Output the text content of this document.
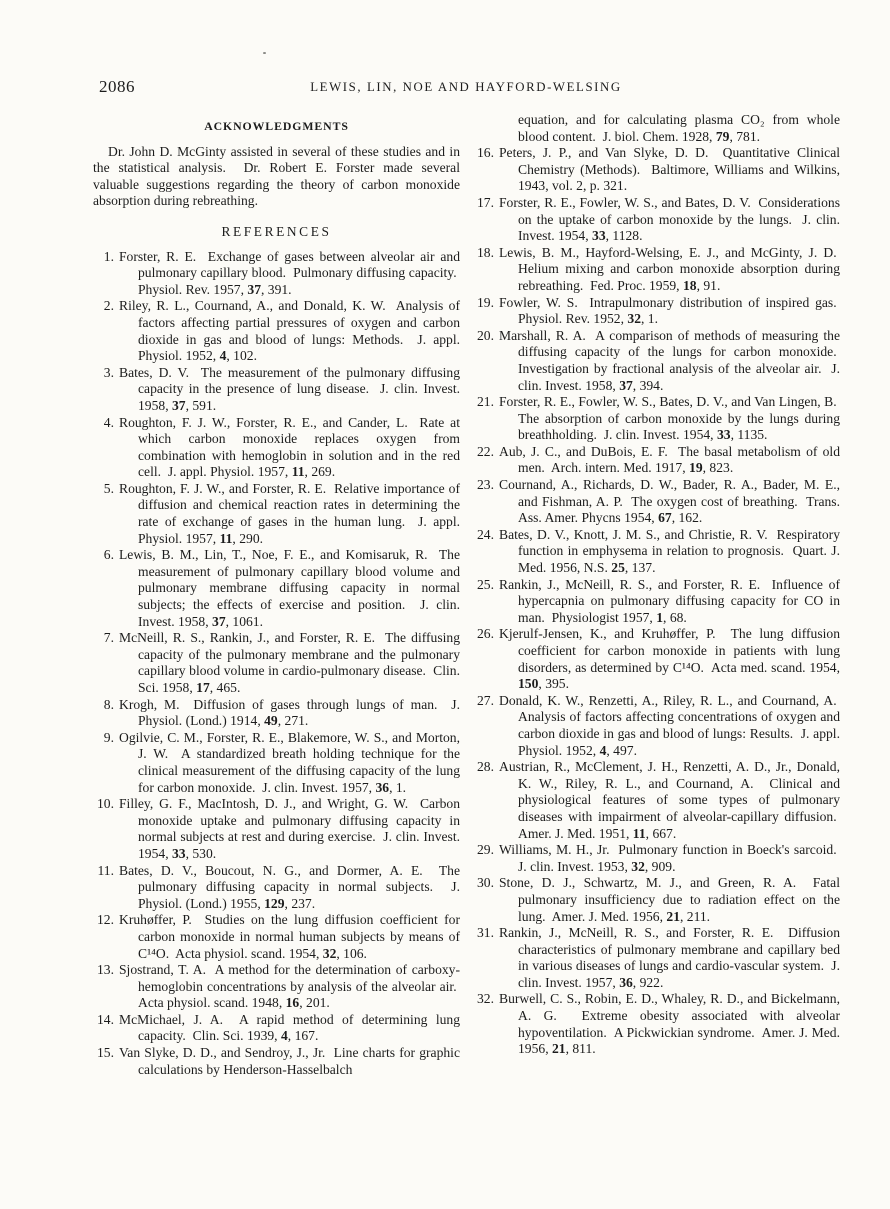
2086	LEWIS, LIN, NOE AND HAYFORD-WELSING
ACKNOWLEDGMENTS

Dr. John D. McGinty assisted in several of these studies and in the statistical analysis.  Dr. Robert E. Forster made several valuable suggestions regarding the theory of carbon monoxide absorption during rebreathing.

REFERENCES

1. Forster, R. E.  Exchange of gases between alveolar air and pulmonary capillary blood.  Pulmonary diffusing capacity.  Physiol. Rev. 1957, 37, 391.

2. Riley, R. L., Cournand, A., and Donald, K. W.  Analysis of factors affecting partial pressures of oxygen and carbon dioxide in gas and blood of lungs: Methods.  J. appl. Physiol. 1952, 4, 102.

3. Bates, D. V.  The measurement of the pulmonary diffusing capacity in the presence of lung disease.  J. clin. Invest. 1958, 37, 591.

4. Roughton, F. J. W., Forster, R. E., and Cander, L.  Rate at which carbon monoxide replaces oxygen from combination with hemoglobin in solution and in the red cell.  J. appl. Physiol. 1957, 11, 269.

5. Roughton, F. J. W., and Forster, R. E.  Relative importance of diffusion and chemical reaction rates in determining the rate of exchange of gases in the human lung.  J. appl. Physiol. 1957, 11, 290.

6. Lewis, B. M., Lin, T., Noe, F. E., and Komisaruk, R.  The measurement of pulmonary capillary blood volume and pulmonary membrane diffusing capacity in normal subjects; the effects of exercise and position.  J. clin. Invest. 1958, 37, 1061.

7. McNeill, R. S., Rankin, J., and Forster, R. E.  The diffusing capacity of the pulmonary membrane and the pulmonary capillary blood volume in cardio-pulmonary disease.  Clin. Sci. 1958, 17, 465.

8. Krogh, M.  Diffusion of gases through lungs of man.  J. Physiol. (Lond.) 1914, 49, 271.

9. Ogilvie, C. M., Forster, R. E., Blakemore, W. S., and Morton, J. W.  A standardized breath holding technique for the clinical measurement of the diffusing capacity of the lung for carbon monoxide.  J. clin. Invest. 1957, 36, 1.

10. Filley, G. F., MacIntosh, D. J., and Wright, G. W.  Carbon monoxide uptake and pulmonary diffusing capacity in normal subjects at rest and during exercise.  J. clin. Invest. 1954, 33, 530.

11. Bates, D. V., Boucout, N. G., and Dormer, A. E.  The pulmonary diffusing capacity in normal subjects.  J. Physiol. (Lond.) 1955, 129, 237.

12. Kruhøffer, P.  Studies on the lung diffusion coefficient for carbon monoxide in normal human subjects by means of C¹⁴O.  Acta physiol. scand. 1954, 32, 106.

13. Sjostrand, T. A.  A method for the determination of carboxy-hemoglobin concentrations by analysis of the alveolar air.  Acta physiol. scand. 1948, 16, 201.

14. McMichael, J. A.  A rapid method of determining lung capacity.  Clin. Sci. 1939, 4, 167.

15. Van Slyke, D. D., and Sendroy, J., Jr.  Line charts for graphic calculations by Henderson-Hasselbalch

equation, and for calculating plasma CO₂ from whole blood content.  J. biol. Chem. 1928, 79, 781.

16. Peters, J. P., and Van Slyke, D. D.  Quantitative Clinical Chemistry (Methods).  Baltimore, Williams and Wilkins, 1943, vol. 2, p. 321.

17. Forster, R. E., Fowler, W. S., and Bates, D. V.  Considerations on the uptake of carbon monoxide by the lungs.  J. clin. Invest. 1954, 33, 1128.

18. Lewis, B. M., Hayford-Welsing, E. J., and McGinty, J. D.  Helium mixing and carbon monoxide absorption during rebreathing.  Fed. Proc. 1959, 18, 91.

19. Fowler, W. S.  Intrapulmonary distribution of inspired gas.  Physiol. Rev. 1952, 32, 1.

20. Marshall, R. A.  A comparison of methods of measuring the diffusing capacity of the lungs for carbon monoxide.  Investigation by fractional analysis of the alveolar air.  J. clin. Invest. 1958, 37, 394.

21. Forster, R. E., Fowler, W. S., Bates, D. V., and Van Lingen, B.  The absorption of carbon monoxide by the lungs during breathholding.  J. clin. Invest. 1954, 33, 1135.

22. Aub, J. C., and DuBois, E. F.  The basal metabolism of old men.  Arch. intern. Med. 1917, 19, 823.

23. Cournand, A., Richards, D. W., Bader, R. A., Bader, M. E., and Fishman, A. P.  The oxygen cost of breathing.  Trans. Ass. Amer. Phycns 1954, 67, 162.

24. Bates, D. V., Knott, J. M. S., and Christie, R. V.  Respiratory function in emphysema in relation to prognosis.  Quart. J. Med. 1956, N.S. 25, 137.

25. Rankin, J., McNeill, R. S., and Forster, R. E.  Influence of hypercapnia on pulmonary diffusing capacity for CO in man.  Physiologist 1957, 1, 68.

26. Kjerulf-Jensen, K., and Kruhøffer, P.  The lung diffusion coefficient for carbon monoxide in patients with lung disorders, as determined by C¹⁴O.  Acta med. scand. 1954, 150, 395.

27. Donald, K. W., Renzetti, A., Riley, R. L., and Cournand, A.  Analysis of factors affecting concentrations of oxygen and carbon dioxide in gas and blood of lungs: Results.  J. appl. Physiol. 1952, 4, 497.

28. Austrian, R., McClement, J. H., Renzetti, A. D., Jr., Donald, K. W., Riley, R. L., and Cournand, A.  Clinical and physiological features of some types of pulmonary diseases with impairment of alveolar-capillary diffusion.  Amer. J. Med. 1951, 11, 667.

29. Williams, M. H., Jr.  Pulmonary function in Boeck's sarcoid.  J. clin. Invest. 1953, 32, 909.

30. Stone, D. J., Schwartz, M. J., and Green, R. A.  Fatal pulmonary insufficiency due to radiation effect on the lung.  Amer. J. Med. 1956, 21, 211.

31. Rankin, J., McNeill, R. S., and Forster, R. E.  Diffusion characteristics of pulmonary membrane and capillary bed in various diseases of lungs and cardio-vascular system.  J. clin. Invest. 1957, 36, 922.

32. Burwell, C. S., Robin, E. D., Whaley, R. D., and Bickelmann, A. G.  Extreme obesity associated with alveolar hypoventilation.  A Pickwickian syndrome.  Amer. J. Med. 1956, 21, 811.
